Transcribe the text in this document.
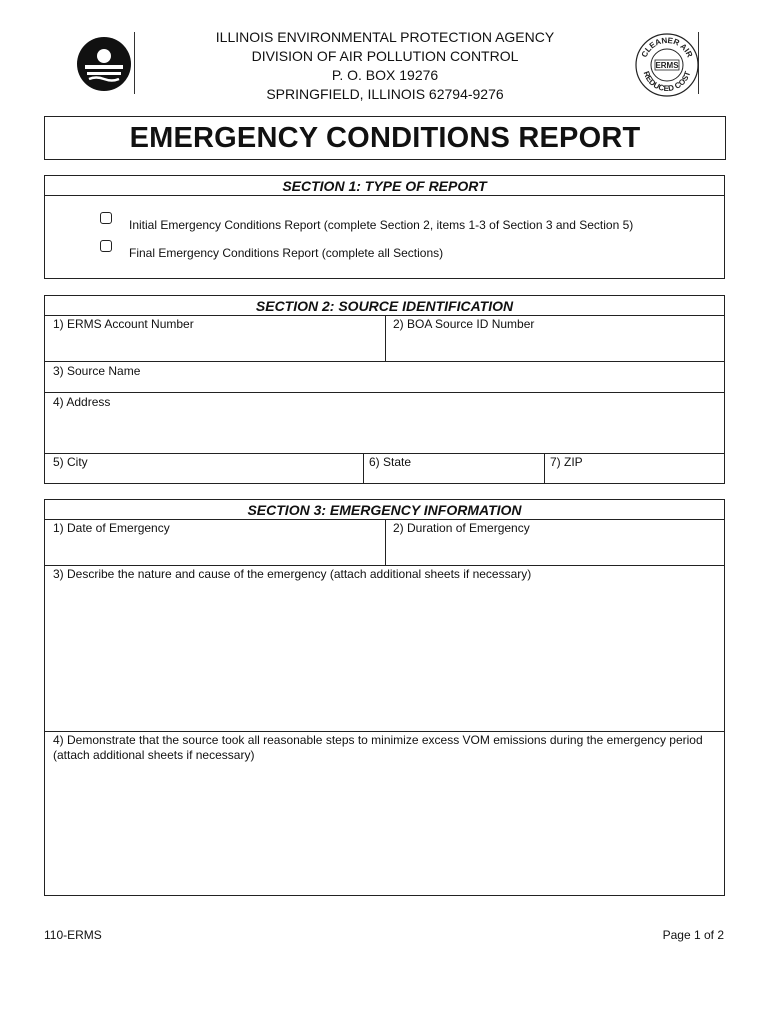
ILLINOIS ENVIRONMENTAL PROTECTION AGENCY
DIVISION OF AIR POLLUTION CONTROL
P. O. BOX 19276
SPRINGFIELD, ILLINOIS 62794-9276
CLEANER AIR
REDUCED COST
ERMS
EMERGENCY CONDITIONS REPORT
SECTION 1: TYPE OF REPORT
Initial Emergency Conditions Report (complete Section 2, items 1-3 of Section 3 and Section 5)
Final Emergency Conditions Report (complete all Sections)
SECTION 2: SOURCE IDENTIFICATION
1) ERMS Account Number	2) BOA Source ID Number
3) Source Name
4) Address
5) City	6) State	7) ZIP
SECTION 3: EMERGENCY INFORMATION
1) Date of Emergency	2) Duration of Emergency
3) Describe the nature and cause of the emergency (attach additional sheets if necessary)
4) Demonstrate that the source took all reasonable steps to minimize excess VOM emissions during the emergency period (attach additional sheets if necessary)
110-ERMS	Page 1 of 2
